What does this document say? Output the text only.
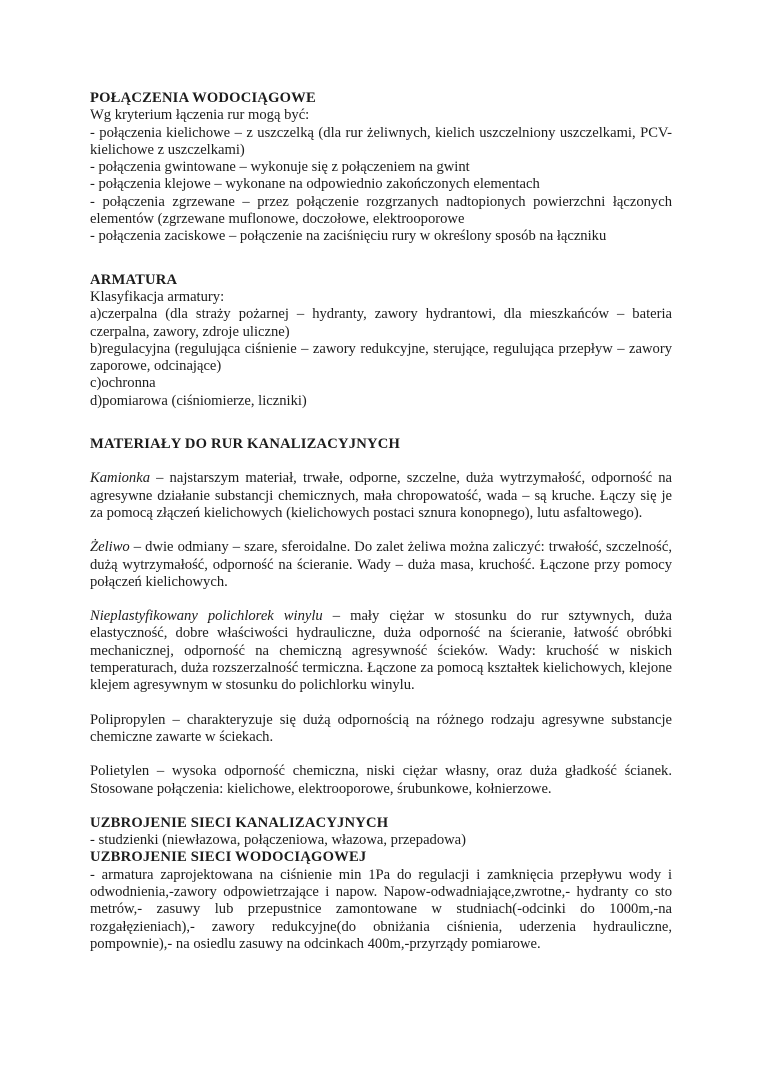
POŁĄCZENIA WODOCIĄGOWE

Wg kryterium łączenia rur mogą być:

- połączenia kielichowe – z uszczelką (dla rur żeliwnych, kielich uszczelniony uszczelkami, PCV- kielichowe z uszczelkami)

- połączenia gwintowane – wykonuje się z połączeniem na gwint

- połączenia klejowe – wykonane na odpowiednio zakończonych elementach

- połączenia zgrzewane – przez połączenie rozgrzanych nadtopionych powierzchni łączonych elementów (zgrzewane muflonowe, doczołowe, elektrooporowe

- połączenia zaciskowe – połączenie na zaciśnięciu rury w określony sposób na łączniku

ARMATURA

Klasyfikacja armatury:

a)czerpalna (dla straży pożarnej – hydranty, zawory hydrantowi, dla mieszkańców – bateria czerpalna, zawory, zdroje uliczne)

b)regulacyjna (regulująca ciśnienie – zawory redukcyjne, sterujące, regulująca przepływ – zawory zaporowe, odcinające)

c)ochronna

d)pomiarowa (ciśniomierze, liczniki)

MATERIAŁY DO RUR KANALIZACYJNYCH

Kamionka – najstarszym materiał, trwałe, odporne, szczelne, duża wytrzymałość, odporność na agresywne działanie substancji chemicznych, mała chropowatość, wada – są kruche. Łączy się je za pomocą złączeń kielichowych (kielichowych postaci sznura konopnego), lutu asfaltowego).

Żeliwo – dwie odmiany – szare, sferoidalne. Do zalet żeliwa można zaliczyć: trwałość, szczelność, dużą wytrzymałość, odporność na ścieranie. Wady – duża masa, kruchość. Łączone przy pomocy połączeń kielichowych.

Nieplastyfikowany polichlorek winylu – mały ciężar w stosunku do rur sztywnych, duża elastyczność, dobre właściwości hydrauliczne, duża odporność na ścieranie, łatwość obróbki mechanicznej, odporność na chemiczną agresywność ścieków. Wady: kruchość w niskich temperaturach, duża rozszerzalność termiczna. Łączone za pomocą kształtek kielichowych, klejone klejem agresywnym w stosunku do polichlorku winylu.

Polipropylen – charakteryzuje się dużą odpornością na różnego rodzaju agresywne substancje chemiczne zawarte w ściekach.

Polietylen – wysoka odporność chemiczna, niski ciężar własny, oraz duża gładkość ścianek. Stosowane połączenia: kielichowe, elektrooporowe, śrubunkowe, kołnierzowe.

UZBROJENIE SIECI KANALIZACYJNYCH

- studzienki (niewłazowa, połączeniowa, włazowa, przepadowa)

UZBROJENIE SIECI WODOCIĄGOWEJ

- armatura zaprojektowana na ciśnienie min 1Pa do regulacji i zamknięcia przepływu wody i odwodnienia,-zawory odpowietrzające i napow. Napow-odwadniające,zwrotne,- hydranty co sto metrów,- zasuwy lub przepustnice zamontowane w studniach(-odcinki do 1000m,-na rozgałęzieniach),- zawory redukcyjne(do obniżania ciśnienia, uderzenia hydrauliczne, pompownie),- na osiedlu zasuwy na odcinkach 400m,-przyrządy pomiarowe.
